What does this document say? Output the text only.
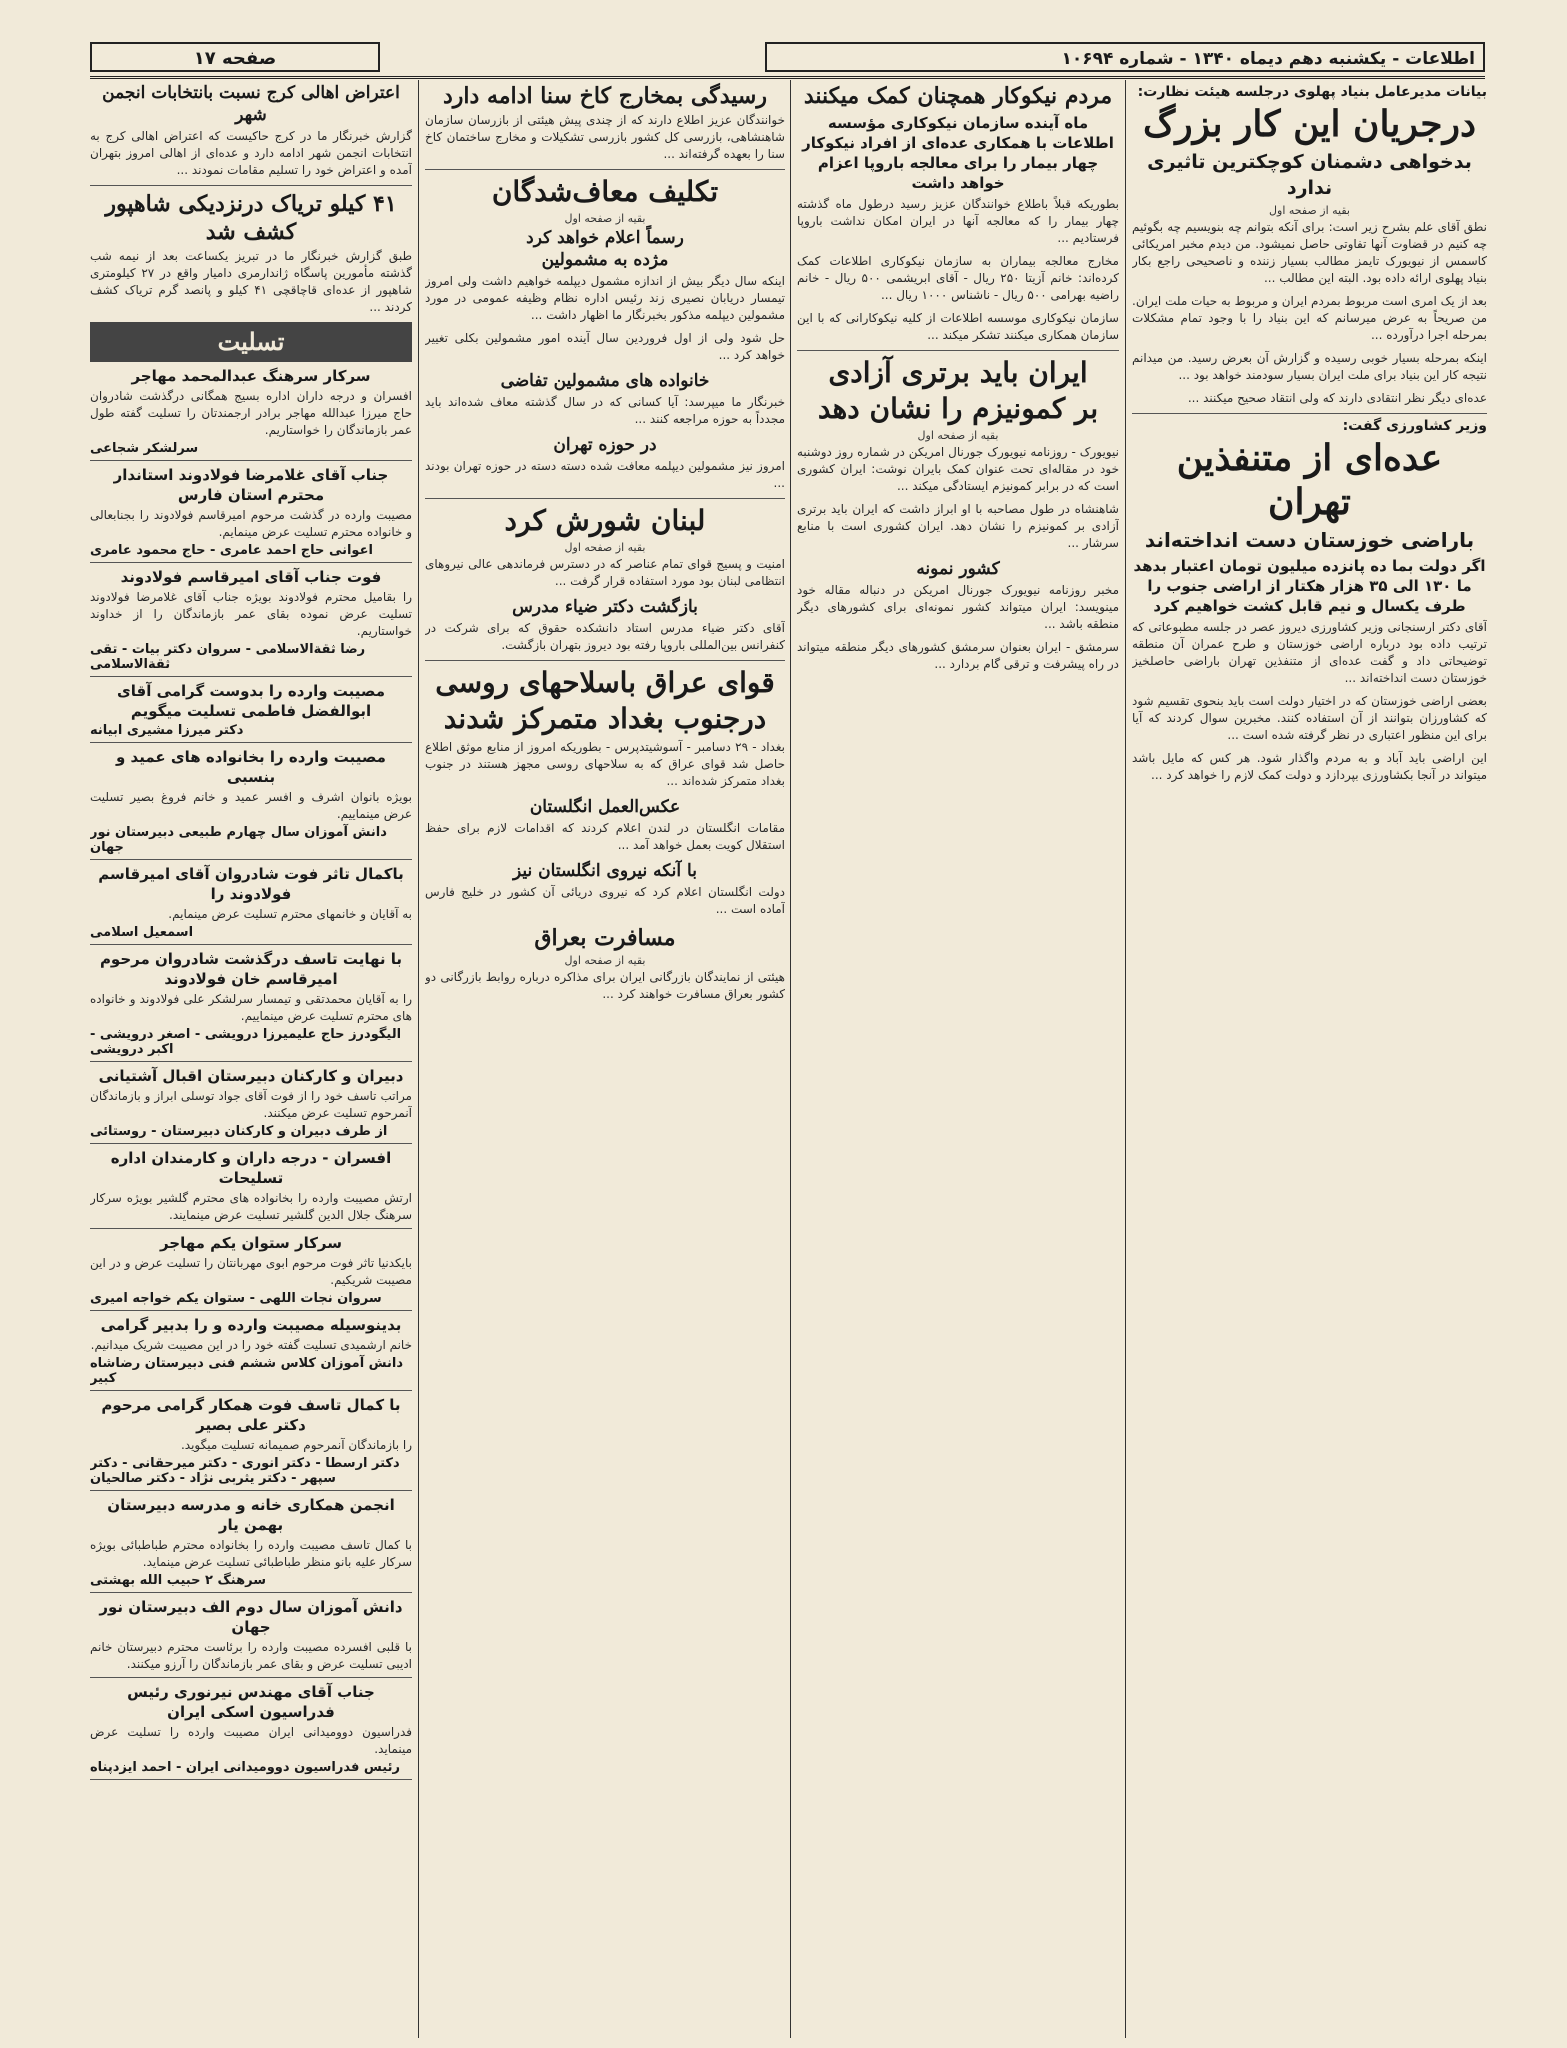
اطلاعات - یکشنبه دهم دیماه ۱۳۴۰ - شماره ۱۰۶۹۴
صفحه ۱۷
بیانات مدیرعامل بنیاد پهلوی درجلسه هیئت نظارت:
درجریان این کار بزرگ
بدخواهی دشمنان کوچکترین تاثیری ندارد
بقیه از صفحه اول

نطق آقای علم بشرح زیر است: برای آنکه بتوانم چه بنویسیم چه بگوئیم چه کنیم در قضاوت آنها تفاوتی حاصل نمیشود. من دیدم مخبر امریکائی کاسمس از نیویورک تایمز مطالب بسیار زننده و ناصحیحی راجع بکار بنیاد پهلوی ارائه داده بود. البته این مطالب ...

بعد از یک امری است مربوط بمردم ایران و مربوط به حیات ملت ایران. من صریحاً به عرض میرسانم که این بنیاد را با وجود تمام مشکلات بمرحله اجرا درآورده ...

اینکه بمرحله بسیار خوبی رسیده و گزارش آن بعرض رسید. من میدانم نتیجه کار این بنیاد برای ملت ایران بسیار سودمند خواهد بود ...

عده‌ای دیگر نظر انتقادی دارند که ولی انتقاد صحیح میکنند ...

وزیر کشاورزی گفت:
عده‌ای از متنفذین تهران
باراضی خوزستان دست انداخته‌اند
اگر دولت بما ده پانزده میلیون تومان اعتبار بدهد ما ۱۳۰ الی ۳۵ هزار هکتار از اراضی جنوب را طرف یکسال و نیم قابل کشت خواهیم کرد

آقای دکتر ارسنجانی وزیر کشاورزی دیروز عصر در جلسه مطبوعاتی که ترتیب داده بود درباره اراضی خوزستان و طرح عمران آن منطقه توضیحاتی داد و گفت عده‌ای از متنفذین تهران باراضی حاصلخیز خوزستان دست انداخته‌اند ...

بعضی اراضی خوزستان که در اختیار دولت است باید بنحوی تقسیم شود که کشاورزان بتوانند از آن استفاده کنند. مخبرین سوال کردند که آیا برای این منظور اعتباری در نظر گرفته شده است ...

این اراضی باید آباد و به مردم واگذار شود. هر کس که مایل باشد میتواند در آنجا بکشاورزی بپردازد و دولت کمک لازم را خواهد کرد ...

مردم نیکوکار همچنان کمک میکنند
ماه آینده سازمان نیکوکاری مؤسسه اطلاعات با همکاری عده‌ای از افراد نیکوکار چهار بیمار را برای معالجه باروپا اعزام خواهد داشت

بطوریکه قبلاً باطلاع خوانندگان عزیز رسید درطول ماه گذشته چهار بیمار را که معالجه آنها در ایران امکان نداشت باروپا فرستادیم ...

مخارج معالجه بیماران به سازمان نیکوکاری اطلاعات کمک کرده‌اند: خانم آزیتا ۲۵۰ ریال - آقای ابریشمی ۵۰۰ ریال - خانم راضیه بهرامی ۵۰۰ ریال - ناشناس ۱۰۰۰ ریال ...

سازمان نیکوکاری موسسه اطلاعات از کلیه نیکوکارانی که با این سازمان همکاری میکنند تشکر میکند ...

ایران باید برتری آزادی
بر کمونیزم را نشان دهد
بقیه از صفحه اول

نیویورک - روزنامه نیویورک جورنال امریکن در شماره روز دوشنبه خود در مقاله‌ای تحت عنوان کمک بایران نوشت: ایران کشوری است که در برابر کمونیزم ایستادگی میکند ...

شاهنشاه در طول مصاحبه با او ابراز داشت که ایران باید برتری آزادی بر کمونیزم را نشان دهد. ایران کشوری است با منابع سرشار ...

کشور نمونه

مخبر روزنامه نیویورک جورنال امریکن در دنباله مقاله خود مینویسد: ایران میتواند کشور نمونه‌ای برای کشورهای دیگر منطقه باشد ...

سرمشق - ایران بعنوان سرمشق کشورهای دیگر منطقه میتواند در راه پیشرفت و ترقی گام بردارد ...

رسیدگی بمخارج کاخ سنا ادامه دارد

خوانندگان عزیز اطلاع دارند که از چندی پیش هیئتی از بازرسان سازمان شاهنشاهی، بازرسی کل کشور بازرسی تشکیلات و مخارج ساختمان کاخ سنا را بعهده گرفته‌اند ...

تکلیف معاف‌شدگان
بقیه از صفحه اول
رسماً اعلام خواهد کرد
مژده به مشمولین

اینکه سال دیگر بیش از اندازه مشمول دیپلمه خواهیم داشت ولی امروز تیمسار دریابان نصیری زند رئیس اداره نظام وظیفه عمومی در مورد مشمولین دیپلمه مذکور بخبرنگار ما اظهار داشت ...

حل شود ولی از اول فروردین سال آینده امور مشمولین بکلی تغییر خواهد کرد ...

خانواده های مشمولین تفاضی

خبرنگار ما میپرسد: آیا کسانی که در سال گذشته معاف شده‌اند باید مجدداً به حوزه مراجعه کنند ...

در حوزه تهران

امروز نیز مشمولین دیپلمه معافت شده دسته دسته در حوزه تهران بودند ...

لبنان شورش کرد
بقیه از صفحه اول

امنیت و پسیج قوای تمام عناصر که در دسترس فرماندهی عالی نیروهای انتظامی لبنان بود مورد استفاده قرار گرفت ...

بازگشت دکتر ضیاء مدرس

آقای دکتر ضیاء مدرس استاد دانشکده حقوق که برای شرکت در کنفرانس بین‌المللی باروپا رفته بود دیروز بتهران بازگشت.

قوای عراق باسلاحهای روسی
درجنوب بغداد متمرکز شدند

بغداد - ۲۹ دسامبر - آسوشیتدپرس - بطوریکه امروز از منابع موثق اطلاع حاصل شد قوای عراق که به سلاحهای روسی مجهز هستند در جنوب بغداد متمرکز شده‌اند ...

عکس‌العمل انگلستان

مقامات انگلستان در لندن اعلام کردند که اقدامات لازم برای حفظ استقلال کویت بعمل خواهد آمد ...

با آنکه نیروی انگلستان نیز

دولت انگلستان اعلام کرد که نیروی دریائی آن کشور در خلیج فارس آماده است ...

مسافرت بعراق
بقیه از صفحه اول

هیئتی از نمایندگان بازرگانی ایران برای مذاکره درباره روابط بازرگانی دو کشور بعراق مسافرت خواهند کرد ...

اعتراض اهالی کرج نسبت بانتخابات انجمن شهر

گزارش خبرنگار ما در کرج حاکیست که اعتراض اهالی کرج به انتخابات انجمن شهر ادامه دارد و عده‌ای از اهالی امروز بتهران آمده و اعتراض خود را تسلیم مقامات نمودند ...

۴۱ کیلو تریاک درنزدیکی شاهپور کشف شد

طبق گزارش خبرنگار ما در تبریز یکساعت بعد از نیمه شب گذشته مأمورین پاسگاه ژاندارمری دامیار واقع در ۲۷ کیلومتری شاهپور از عده‌ای قاچاقچی ۴۱ کیلو و پانصد گرم تریاک کشف کردند ...

تسلیت
سرکار سرهنگ عبدالمحمد مهاجر
افسران و درجه داران اداره بسیج همگانی درگذشت شادروان حاج میرزا عبدالله مهاجر برادر ارجمندتان را تسلیت گفته طول عمر بازماندگان را خواستاریم.
سرلشکر شجاعی
جناب آقای غلامرضا فولادوند استاندار محترم استان فارس
مصیبت وارده در گذشت مرحوم امیرقاسم فولادوند را بجنابعالی و خانواده محترم تسلیت عرض مینمایم.
اعوانی حاج احمد عامری - حاج محمود عامری
فوت جناب آقای امیرقاسم فولادوند
را بقامیل محترم فولادوند بویژه جناب آقای غلامرضا فولادوند تسلیت عرض نموده بقای عمر بازماندگان را از خداوند خواستاریم.
رضا ثقةالاسلامی - سروان دکتر بیات - تقی ثقةالاسلامی
مصیبت وارده را بدوست گرامی آقای ابوالفضل فاطمی تسلیت میگویم
دکتر میرزا مشیری ابیانه
مصیبت وارده را بخانواده های عمید و بنسبی
بویژه بانوان اشرف و افسر عمید و خانم فروغ بصیر تسلیت عرض مینماییم.
دانش آموزان سال چهارم طبیعی دبیرستان نور جهان
باکمال تاثر فوت شادروان آقای امیرقاسم فولادوند را
به آقایان و خانمهای محترم تسلیت عرض مینمایم.
اسمعیل اسلامی
با نهایت تاسف درگذشت شادروان مرحوم امیرقاسم خان فولادوند
را به آقایان محمدتقی و تیمسار سرلشکر علی فولادوند و خانواده های محترم تسلیت عرض مینماییم.
الیگودرز حاج علیمیرزا درویشی - اصغر درویشی - اکبر درویشی
دبیران و کارکنان دبیرستان اقبال آشتیانی
مراتب تاسف خود را از فوت آقای جواد توسلی ابراز و بازماندگان آنمرحوم تسلیت عرض میکنند.
از طرف دبیران و کارکنان دبیرستان - روستائی
افسران - درجه داران و کارمندان اداره تسلیحات
ارتش مصیبت وارده را بخانواده های محترم گلشیر بویژه سرکار سرهنگ جلال الدین گلشیر تسلیت عرض مینمایند.
سرکار ستوان یکم مهاجر
بایکدنیا تاثر فوت مرحوم ابوی مهربانتان را تسلیت عرض و در این مصیبت شریکیم.
سروان نجات اللهی - ستوان یکم خواجه امیری
بدینوسیله مصیبت وارده و را بدبیر گرامی
خانم ارشمیدی تسلیت گفته خود را در این مصیبت شریک میدانیم.
دانش آموزان کلاس ششم فنی دبیرستان رضاشاه کبیر
با کمال تاسف فوت همکار گرامی مرحوم دکتر علی بصیر
را بازماندگان آنمرحوم صمیمانه تسلیت میگوید.
دکتر ارسطا - دکتر انوری - دکتر میرحقانی - دکتر سپهر - دکتر یثربی نژاد - دکتر صالحیان
انجمن همکاری خانه و مدرسه دبیرستان بهمن یار
با کمال تاسف مصیبت وارده را بخانواده محترم طباطبائی بویژه سرکار علیه بانو منظر طباطبائی تسلیت عرض مینماید.
سرهنگ ۲ حبیب الله بهشتی
دانش آموزان سال دوم الف دبیرستان نور جهان
با قلبی افسرده مصیبت وارده را برئاست محترم دبیرستان خانم ادیبی تسلیت عرض و بقای عمر بازماندگان را آرزو میکنند.
جناب آقای مهندس نیرنوری رئیس فدراسیون اسکی ایران
فدراسیون دوومیدانی ایران مصیبت وارده را تسلیت عرض مینماید.
رئیس فدراسیون دوومیدانی ایران - احمد ایزدپناه
